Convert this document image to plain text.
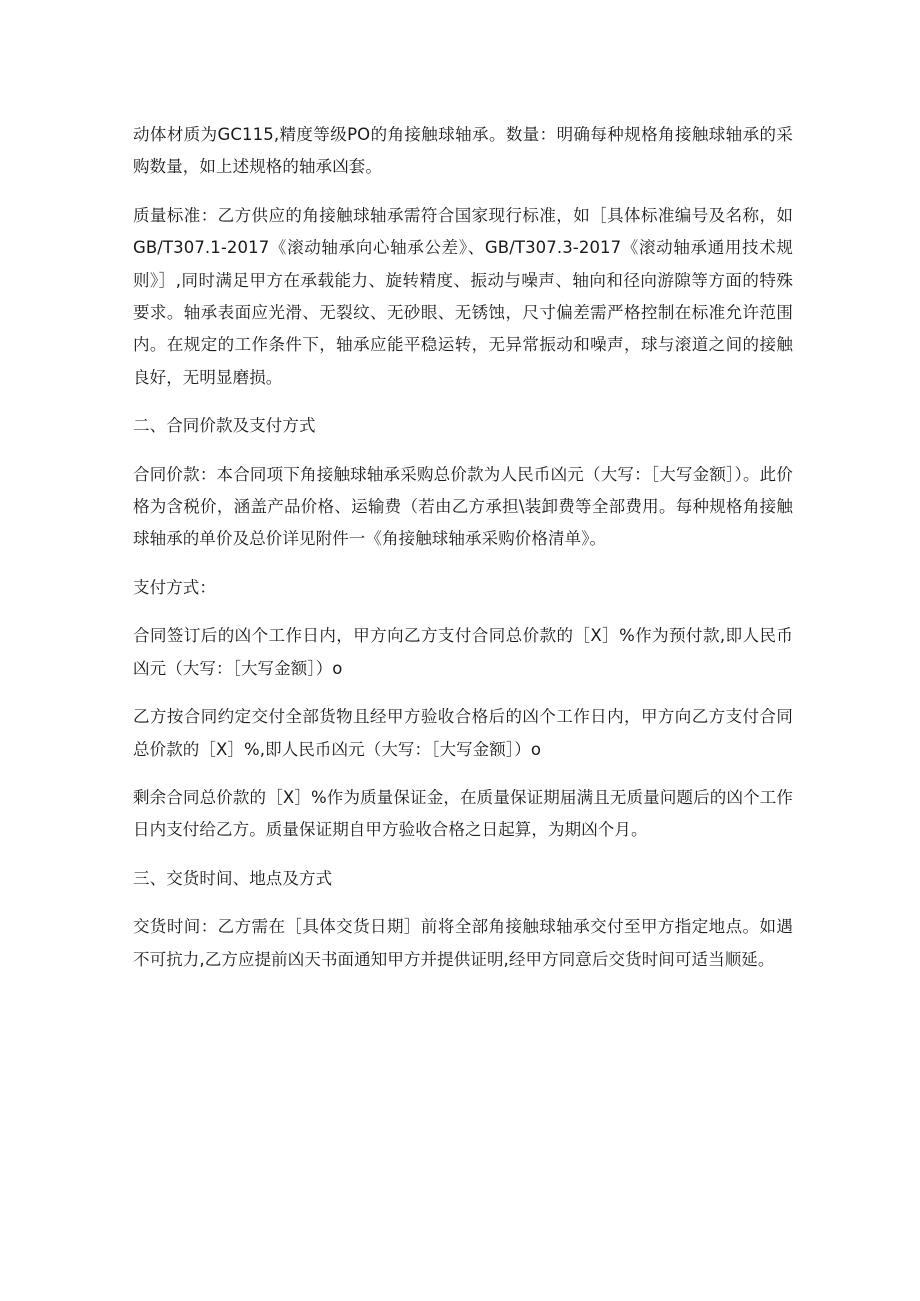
动体材质为GC115,精度等级PO的角接触球轴承。数量：明确每种规格角接触球轴承的采购数量，如上述规格的轴承凶套。

质量标准：乙方供应的角接触球轴承需符合国家现行标准，如［具体标准编号及名称，如GB/T307.1-2017《滚动轴承向心轴承公差》、GB/T307.3-2017《滚动轴承通用技术规则》］,同时满足甲方在承载能力、旋转精度、振动与噪声、轴向和径向游隙等方面的特殊要求。轴承表面应光滑、无裂纹、无砂眼、无锈蚀，尺寸偏差需严格控制在标准允许范围内。在规定的工作条件下，轴承应能平稳运转，无异常振动和噪声，球与滚道之间的接触良好，无明显磨损。

二、合同价款及支付方式

合同价款：本合同项下角接触球轴承采购总价款为人民币凶元（大写：［大写金额］）。此价格为含税价，涵盖产品价格、运输费（若由乙方承担\装卸费等全部费用。每种规格角接触球轴承的单价及总价详见附件一《角接触球轴承采购价格清单》。

支付方式：

合同签订后的凶个工作日内，甲方向乙方支付合同总价款的［X］%作为预付款,即人民币凶元（大写：［大写金额］）o

乙方按合同约定交付全部货物且经甲方验收合格后的凶个工作日内，甲方向乙方支付合同总价款的［X］%,即人民币凶元（大写：［大写金额］）o

剩余合同总价款的［X］%作为质量保证金，在质量保证期届满且无质量问题后的凶个工作日内支付给乙方。质量保证期自甲方验收合格之日起算，为期凶个月。

三、交货时间、地点及方式

交货时间：乙方需在［具体交货日期］前将全部角接触球轴承交付至甲方指定地点。如遇不可抗力,乙方应提前凶天书面通知甲方并提供证明,经甲方同意后交货时间可适当顺延。
